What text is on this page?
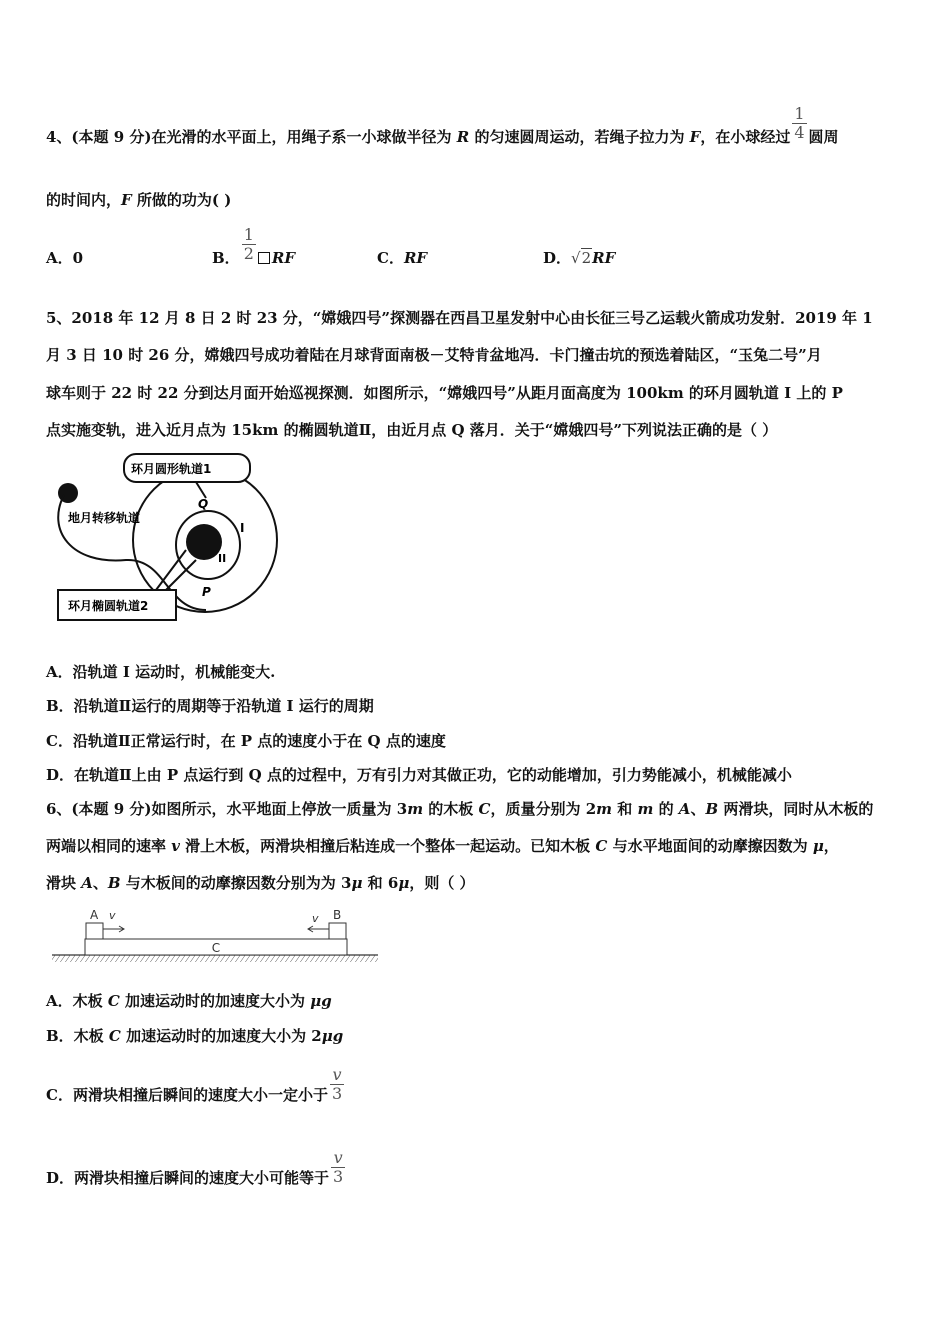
4、(本题 9 分)在光滑的水平面上，用绳子系一小球做半径为 R 的匀速圆周运动，若绳子拉力为 F，在小球经过 $\frac{1}{4}$ 圆周
的时间内，F 所做的功为( )
A．0	B． $\frac{1}{2}$ RF	C．RF	D．√2RF
5、2018 年 12 月 8 日 2 时 23 分，“嫦娥四号”探测器在西昌卫星发射中心由长征三号乙运载火箭成功发射．2019 年 1
月 3 日 10 时 26 分，嫦娥四号成功着陆在月球背面南极－艾特肯盆地冯．卡门撞击坑的预选着陆区，“玉兔二号”月
球车则于 22 时 22 分到达月面开始巡视探测．如图所示，“嫦娥四号”从距月面高度为 100km 的环月圆轨道 I 上的 P
点实施变轨，进入近月点为 15km 的椭圆轨道Ⅱ，由近月点 Q 落月．关于“嫦娥四号”下列说法正确的是（ ）
环月圆形轨道1
地月转移轨道
环月椭圆轨道2
Q
I
II
P
A．沿轨道 I 运动时，机械能变大.
B．沿轨道Ⅱ运行的周期等于沿轨道 I 运行的周期
C．沿轨道Ⅱ正常运行时，在 P 点的速度小于在 Q 点的速度
D．在轨道Ⅱ上由 P 点运行到 Q 点的过程中，万有引力对其做正功，它的动能增加，引力势能减小，机械能减小
6、(本题 9 分)如图所示，水平地面上停放一质量为 3m 的木板 C，质量分别为 2m 和 m 的 A、B 两滑块，同时从木板的
两端以相同的速率 v 滑上木板，两滑块相撞后粘连成一个整体一起运动。已知木板 C 与水平地面间的动摩擦因数为 μ，
滑块 A、B 与木板间的动摩擦因数分别为为 3μ 和 6μ，则（ ）
C
A v	B
v
A．木板 C 加速运动时的加速度大小为 μg
B．木板 C 加速运动时的加速度大小为 2μg
C．两滑块相撞后瞬间的速度大小一定小于 $\frac{v}{3}$
D．两滑块相撞后瞬间的速度大小可能等于 $\frac{v}{3}$
